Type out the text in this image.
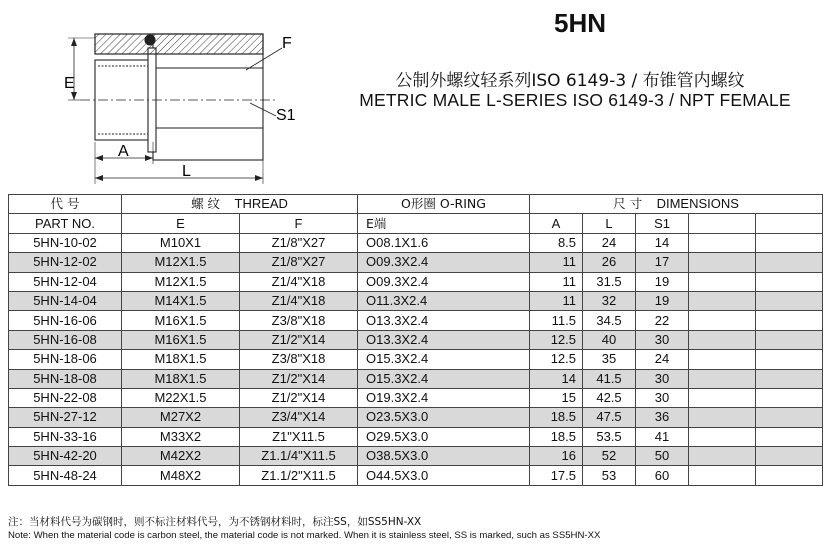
E
A
L
F
S1
5HN
公制外螺纹轻系列ISO 6149-3 / 布锥管内螺纹
METRIC MALE L-SERIES ISO 6149-3 / NPT FEMALE
代 号	螺 纹 THREAD		O形圈 O-RING	尺 寸 DIMENSIONS				
PART NO.	E	F	E端	A	L	S1		
5HN-10-02	M10X1	Z1/8"X27	O08.1X1.6	8.5	24	14		
5HN-12-02	M12X1.5	Z1/8"X27	O09.3X2.4	11	26	17		
5HN-12-04	M12X1.5	Z1/4"X18	O09.3X2.4	11	31.5	19		
5HN-14-04	M14X1.5	Z1/4"X18	O11.3X2.4	11	32	19		
5HN-16-06	M16X1.5	Z3/8"X18	O13.3X2.4	11.5	34.5	22		
5HN-16-08	M16X1.5	Z1/2"X14	O13.3X2.4	12.5	40	30		
5HN-18-06	M18X1.5	Z3/8"X18	O15.3X2.4	12.5	35	24		
5HN-18-08	M18X1.5	Z1/2"X14	O15.3X2.4	14	41.5	30		
5HN-22-08	M22X1.5	Z1/2"X14	O19.3X2.4	15	42.5	30		
5HN-27-12	M27X2	Z3/4"X14	O23.5X3.0	18.5	47.5	36		
5HN-33-16	M33X2	Z1"X11.5	O29.5X3.0	18.5	53.5	41		
5HN-42-20	M42X2	Z1.1/4"X11.5	O38.5X3.0	16	52	50		
5HN-48-24	M48X2	Z1.1/2"X11.5	O44.5X3.0	17.5	53	60		
注：当材料代号为碳钢时，则不标注材料代号，为不锈钢材料时，标注SS，如SS5HN-XX
Note: When the material code is carbon steel, the material code is not marked. When it is stainless steel, SS is marked, such as SS5HN-XX
